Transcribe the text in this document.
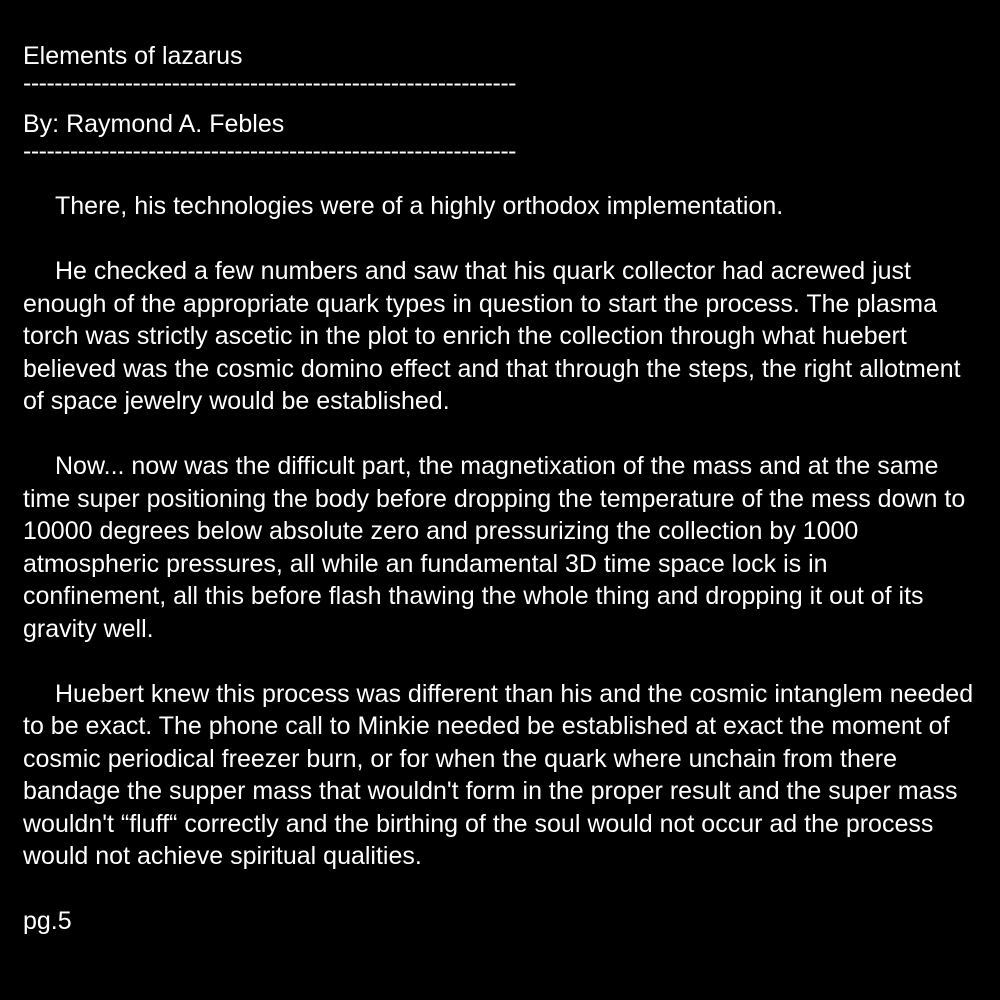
Elements of lazarus

---------------------------------------------------------------

By: Raymond A. Febles

---------------------------------------------------------------

There, his technologies were of a highly orthodox implementation.

He checked a few numbers and saw that his quark collector had acrewed just enough of the appropriate quark types in question to start the process. The plasma torch was strictly ascetic in the plot to enrich the collection through what huebert believed was the cosmic domino effect and that through the steps, the right allotment of space jewelry would be established.

Now... now was the difficult part, the magnetixation of the mass and at the same time super positioning the body before dropping the temperature of the mess down to 10000 degrees below absolute zero and pressurizing the collection by 1000 atmospheric pressures, all while an fundamental 3D time space lock is in confinement, all this before flash thawing the whole thing and dropping it out of its gravity well.

Huebert knew this process was different than his and the cosmic intanglem needed to be exact. The phone call to Minkie needed be established at exact the moment of cosmic periodical freezer burn, or for when the quark where unchain from there bandage the supper mass that wouldn't form in the proper result and the super mass wouldn't “fluff“ correctly and the birthing of the soul would not occur ad the process would not achieve spiritual qualities.

pg.5
